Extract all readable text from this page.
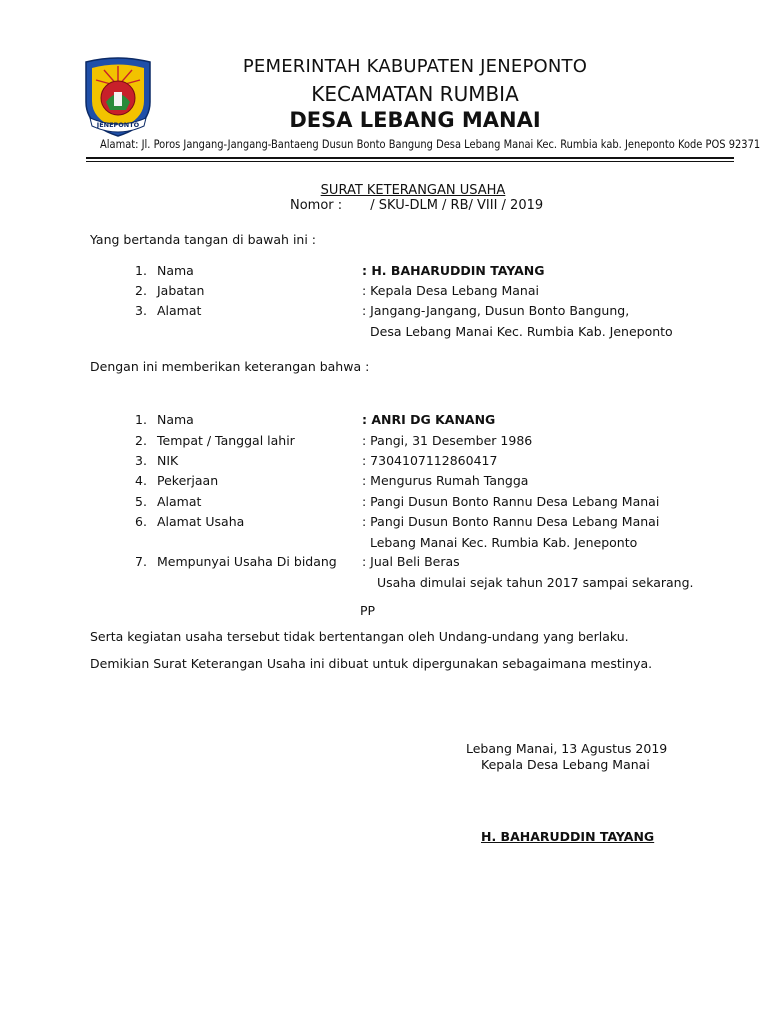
JENEPONTO
PEMERINTAH KABUPATEN JENEPONTO
KECAMATAN RUMBIA
DESA LEBANG MANAI
Alamat: Jl. Poros Jangang-Jangang-Bantaeng Dusun Bonto Bangung Desa Lebang Manai Kec. Rumbia kab. Jeneponto Kode POS 92371
SURAT KETERANGAN USAHA
Nomor : / SKU-DLM / RB/ VIII / 2019
Yang bertanda tangan di bawah ini :
1. Nama	: H. BAHARUDDIN TAYANG
2. Jabatan	: Kepala Desa Lebang Manai
3. Alamat	: Jangang-Jangang, Dusun Bonto Bangung,
Desa Lebang Manai Kec. Rumbia Kab. Jeneponto
Dengan ini memberikan keterangan bahwa :
1. Nama	: ANRI DG KANANG
2. Tempat / Tanggal lahir	: Pangi, 31 Desember 1986
3. NIK	: 7304107112860417
4. Pekerjaan	: Mengurus Rumah Tangga
5. Alamat	: Pangi Dusun Bonto Rannu Desa Lebang Manai
6. Alamat Usaha	: Pangi Dusun Bonto Rannu Desa Lebang Manai
Lebang Manai Kec. Rumbia Kab. Jeneponto
7. Mempunyai Usaha Di bidang : Jual Beli Beras
Usaha dimulai sejak tahun 2017 sampai sekarang.
PP
Serta kegiatan usaha tersebut tidak bertentangan oleh Undang-undang yang berlaku.
Demikian Surat Keterangan Usaha ini dibuat untuk dipergunakan sebagaimana mestinya.
Lebang Manai, 13 Agustus 2019
Kepala Desa Lebang Manai
H. BAHARUDDIN TAYANG
